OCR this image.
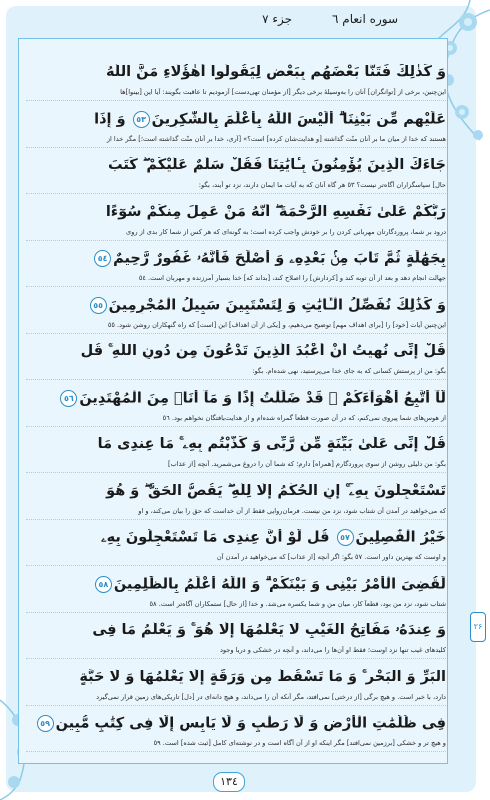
سوره انعام ٦
جزء ٧
وَ كَذٰلِكَ فَتَنَّا بَعْضَهُم بِبَعْضٍ لِيَقُولُوا أَهٰؤُلَاءِ مَنَّ اللَّهُ
این‌چنین، برخی از [توانگران] آنان را به‌وسیلهٔ برخی دیگر [از مؤمنان تهی‌دست] آزمودیم تا عاقبت بگویند: آیا این [بینوا]ها
عَلَيْهِم مِّن بَيْنِنَا ۗ أَلَيْسَ اللَّهُ بِأَعْلَمَ بِالشَّٰكِرِينَ٥٣ وَ إِذَا
هستند که خدا از میان ما بر آنان منّت گذاشته [و هدایت‌شان کرده] است؟» [آری، خدا بر آنان منّت گذاشته است؛] مگر خدا از
جَاءَكَ الَّذِينَ يُؤْمِنُونَ بِـَٔايَٰتِنَا فَقُلْ سَلَٰمٌ عَلَيْكُمْ ۖ كَتَبَ
حال] سپاسگزاران آگاه‌تر نیست؟ ٥٣ هر گاه آنان که به آیات ما ایمان دارند، نزد تو آیند، بگو:
رَبُّكُمْ عَلَىٰ نَفْسِهِ الرَّحْمَةَ ۖ أَنَّهُ مَنْ عَمِلَ مِنكُمْ سُوٓءًا
درود بر شما، پروردگارتان مهربانی کردن را بر خودش واجب کرده است؛ به گونه‌ای که هر کس از شما کار بدی از روی
بِجَهَٰلَةٍ ثُمَّ تَابَ مِنۢ بَعْدِهِۦ وَ أَصْلَحَ فَأَنَّهُۥ غَفُورٌ رَّحِيمٌ٥٤
جهالت انجام دهد و بعد از آن توبه کند و [کردارش] را اصلاح کند، [بداند که] خدا بسیار آمرزنده و مهربان است. ٥٤
وَ كَذَٰلِكَ نُفَصِّلُ الْـَٔايَٰتِ وَ لِتَسْتَبِينَ سَبِيلُ الْمُجْرِمِينَ٥٥
این‌چنین آیات [خود] را [برای اهداف مهم] توضیح می‌دهیم، و [یکی از آن اهداف] این [است] که راه گنهکاران روشن شود. ٥٥
قُلْ إِنِّى نُهِيتُ أَنْ أَعْبُدَ الَّذِينَ تَدْعُونَ مِن دُونِ اللَّهِ ۚ قُل
بگو: من از پرستش کسانی که به جای خدا می‌پرستید، نهی شده‌ام. بگو:
لَّآ أَتَّبِعُ أَهْوَآءَكُمْ ۙ قَدْ ضَلَلْتُ إِذًا وَ مَآ أَنَا۠ مِنَ الْمُهْتَدِينَ٥٦
از هوس‌های شما پیروی نمی‌کنم، که در آن صورت قطعاً گمراه شده‌ام و از هدایت‌یافتگان نخواهم بود. ٥٦
قُلْ إِنِّى عَلَىٰ بَيِّنَةٍ مِّن رَّبِّى وَ كَذَّبْتُم بِهِۦ ۚ مَا عِندِى مَا
بگو: من دلیلی روشن از سوی پروردگارم [همراه] دارم؛ که شما آن را دروغ می‌شمرید. آنچه [از عذاب]
تَسْتَعْجِلُونَ بِهِۦٓ ۚ إِنِ الْحُكْمُ إِلَّا لِلَّهِ ۖ يَقُصُّ الْحَقَّ ۖ وَ هُوَ
که می‌خواهید در آمدن آن شتاب شود، نزد من نیست. فرمان‌روایی فقط از آن خداست که حق را بیان می‌کند، و او
خَيْرُ الْفَٰصِلِينَ٥٧ قُل لَّوْ أَنَّ عِندِى مَا تَسْتَعْجِلُونَ بِهِۦ
و اوست که بهترین داور است. ٥٧ بگو: اگر آنچه [از عذاب] که می‌خواهید در آمدن آن
لَقُضِىَ الْأَمْرُ بَيْنِى وَ بَيْنَكُمْ ۗ وَ اللَّهُ أَعْلَمُ بِالظَّٰلِمِينَ٥٨
شتاب شود، نزد من بود، قطعاً کار، میان من و شما یکسره می‌شد. و خدا [از حال] ستمکاران آگاه‌تر است. ٥٨
وَ عِندَهُۥ مَفَاتِحُ الْغَيْبِ لَا يَعْلَمُهَآ إِلَّا هُوَ ۚ وَ يَعْلَمُ مَا فِى
کلیدهای غیب تنها نزد اوست؛ فقط او آن‌ها را می‌داند، و آنچه در خشکی و دریا وجود
الْبَرِّ وَ الْبَحْرِ ۚ وَ مَا تَسْقُطُ مِن وَرَقَةٍ إِلَّا يَعْلَمُهَا وَ لَا حَبَّةٍ
دارد، با خبر است. و هیچ برگی [از درختی] نمی‌افتد، مگر آنکه آن را می‌داند، و هیچ دانه‌ای در [دل] تاریکی‌های زمین قرار نمی‌گیرد
فِى ظُلُمَٰتِ الْأَرْضِ وَ لَا رَطْبٍ وَ لَا يَابِسٍ إِلَّا فِى كِتَٰبٍ مُّبِينٍ٥٩
و هیچ تر و خشکی [برزمین نمی‌افتد] مگر اینکه او از آن آگاه است و در نوشته‌ای کامل [ثبت شده] است. ٥٩
۲۶
١٣٤
